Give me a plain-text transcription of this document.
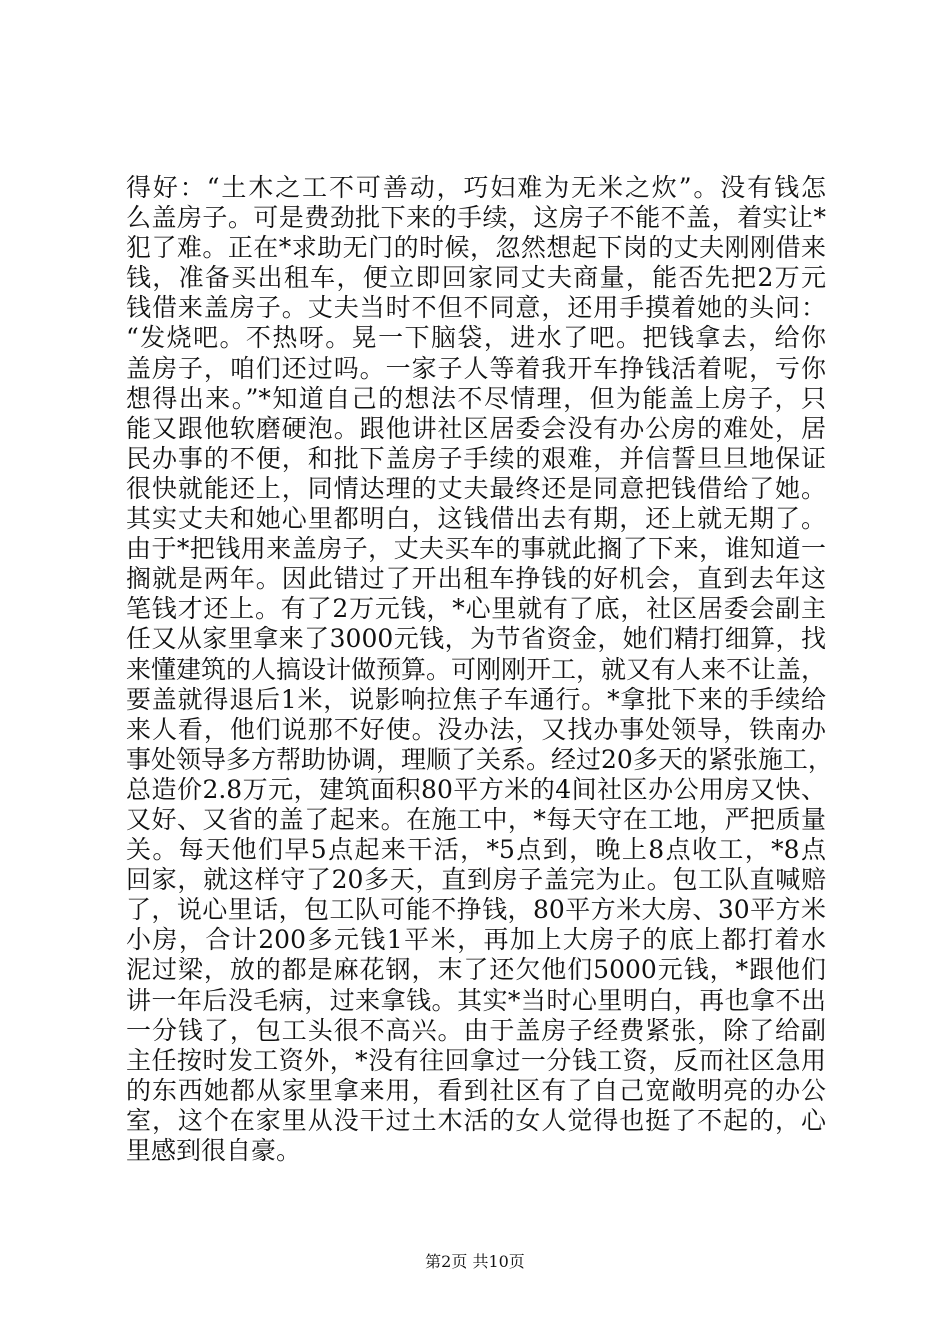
得好：“土木之工不可善动，巧妇难为无米之炊”。没有钱怎
么盖房子。可是费劲批下来的手续，这房子不能不盖，着实让*
犯了难。正在*求助无门的时候，忽然想起下岗的丈夫刚刚借来
钱，准备买出租车，便立即回家同丈夫商量，能否先把2万元
钱借来盖房子。丈夫当时不但不同意，还用手摸着她的头问：
“发烧吧。不热呀。晃一下脑袋，进水了吧。把钱拿去，给你
盖房子，咱们还过吗。一家子人等着我开车挣钱活着呢，亏你
想得出来。”*知道自己的想法不尽情理，但为能盖上房子，只
能又跟他软磨硬泡。跟他讲社区居委会没有办公房的难处，居
民办事的不便，和批下盖房子手续的艰难，并信誓旦旦地保证
很快就能还上，同情达理的丈夫最终还是同意把钱借给了她。
其实丈夫和她心里都明白，这钱借出去有期，还上就无期了。
由于*把钱用来盖房子，丈夫买车的事就此搁了下来，谁知道一
搁就是两年。因此错过了开出租车挣钱的好机会，直到去年这
笔钱才还上。有了2万元钱，*心里就有了底，社区居委会副主
任又从家里拿来了3000元钱，为节省资金，她们精打细算，找
来懂建筑的人搞设计做预算。可刚刚开工，就又有人来不让盖，
要盖就得退后1米，说影响拉焦子车通行。*拿批下来的手续给
来人看，他们说那不好使。没办法，又找办事处领导，铁南办
事处领导多方帮助协调，理顺了关系。经过20多天的紧张施工，
总造价2.8万元，建筑面积80平方米的4间社区办公用房又快、
又好、又省的盖了起来。在施工中，*每天守在工地，严把质量
关。每天他们早5点起来干活，*5点到，晚上8点收工，*8点
回家，就这样守了20多天，直到房子盖完为止。包工队直喊赔
了，说心里话，包工队可能不挣钱，80平方米大房、30平方米
小房，合计200多元钱1平米，再加上大房子的底上都打着水
泥过梁，放的都是麻花钢，末了还欠他们5000元钱，*跟他们
讲一年后没毛病，过来拿钱。其实*当时心里明白，再也拿不出
一分钱了，包工头很不高兴。由于盖房子经费紧张，除了给副
主任按时发工资外，*没有往回拿过一分钱工资，反而社区急用
的东西她都从家里拿来用，看到社区有了自己宽敞明亮的办公
室，这个在家里从没干过土木活的女人觉得也挺了不起的，心
里感到很自豪。
第2页 共10页
